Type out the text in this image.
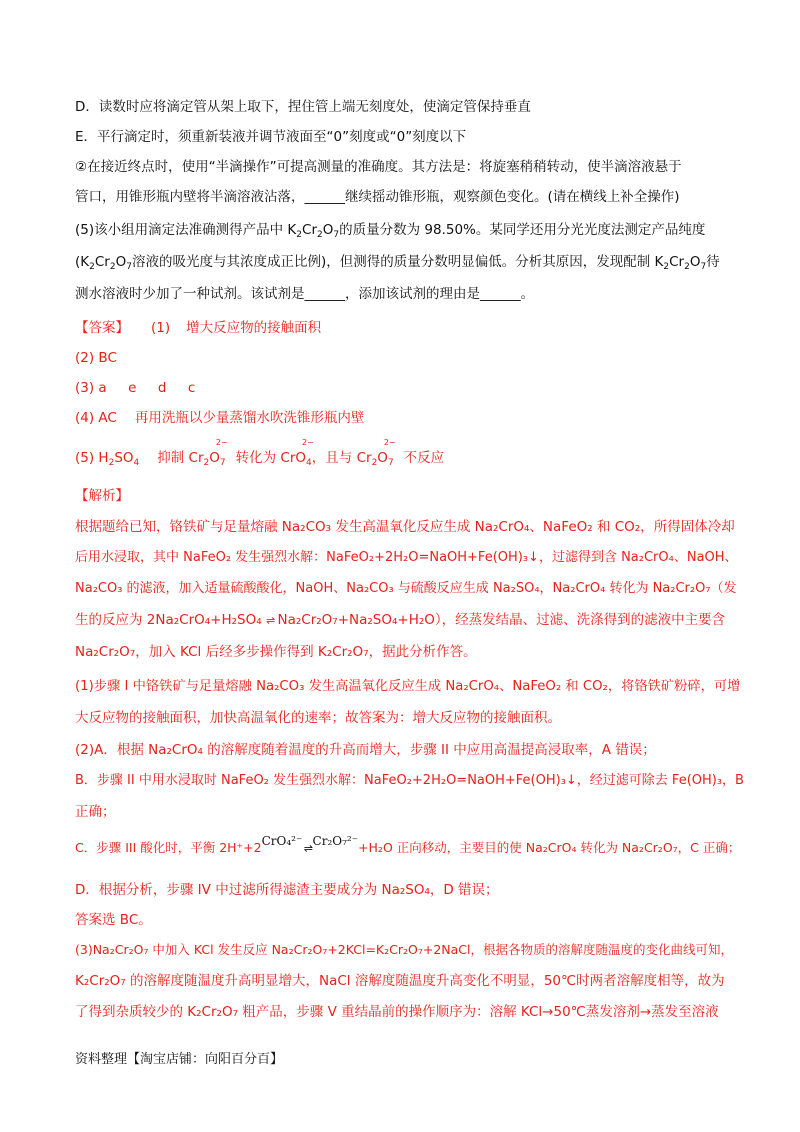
D．读数时应将滴定管从架上取下，捏住管上端无刻度处，使滴定管保持垂直
E．平行滴定时，须重新装液并调节液面至“0”刻度或“0”刻度以下
②在接近终点时，使用“半滴操作”可提高测量的准确度。其方法是：将旋塞稍稍转动，使半滴溶液悬于
管口，用锥形瓶内壁将半滴溶液沾落，______继续摇动锥形瓶，观察颜色变化。(请在横线上补全操作)
(5)该小组用滴定法准确测得产品中 $K_2Cr_2O_7$的质量分数为 98.50%。某同学还用分光光度法测定产品纯度
($K_2Cr_2O_7$溶液的吸光度与其浓度成正比例)，但测得的质量分数明显偏低。分析其原因，发现配制 $K_2Cr_2O_7$待
测水溶液时少加了一种试剂。该试剂是______，添加该试剂的理由是______。
【答案】 (1) 增大反应物的接触面积
(2) BC
(3) a     e     d     c
(4) AC 再用洗瓶以少量蒸馏水吹洗锥形瓶内壁
(5) $H_2SO_4$ 抑制 $Cr_2O_7$
2−
转化为 CrO$_4$
2−
，且与 $Cr_2O_7$
2−
不反应
【解析】
根据题给已知，铬铁矿与足量熔融 Na₂CO₃ 发生高温氧化反应生成 Na₂CrO₄、NaFeO₂ 和 CO₂，所得固体冷却
后用水浸取，其中 NaFeO₂ 发生强烈水解：NaFeO₂+2H₂O=NaOH+Fe(OH)₃↓，过滤得到含 Na₂CrO₄、NaOH、
Na₂CO₃ 的滤液，加入适量硫酸酸化，NaOH、Na₂CO₃ 与硫酸反应生成 Na₂SO₄，Na₂CrO₄ 转化为 Na₂Cr₂O₇（发
生的反应为 2Na₂CrO₄+H₂SO₄ ⇌ Na₂Cr₂O₇+Na₂SO₄+H₂O），经蒸发结晶、过滤、洗涤得到的滤液中主要含
Na₂Cr₂O₇，加入 KCl 后经多步操作得到 K₂Cr₂O₇，据此分析作答。
(1)步骤 I 中铬铁矿与足量熔融 Na₂CO₃ 发生高温氧化反应生成 Na₂CrO₄、NaFeO₂ 和 CO₂，将铬铁矿粉碎，可增
大反应物的接触面积，加快高温氧化的速率；故答案为：增大反应物的接触面积。
(2)A．根据 Na₂CrO₄ 的溶解度随着温度的升高而增大，步骤 II 中应用高温提高浸取率，A 错误；
B．步骤 II 中用水浸取时 NaFeO₂ 发生强烈水解：NaFeO₂+2H₂O=NaOH+Fe(OH)₃↓，经过滤可除去 Fe(OH)₃，B
正确；
C．步骤 III 酸化时，平衡 2H⁺+2CrO₄²⁻ ⇌ Cr₂O₇²⁻+H₂O 正向移动，主要目的使 Na₂CrO₄ 转化为 Na₂Cr₂O₇，C 正确；
D．根据分析，步骤 IV 中过滤所得滤渣主要成分为 Na₂SO₄，D 错误；
答案选 BC。
(3)Na₂Cr₂O₇ 中加入 KCl 发生反应 Na₂Cr₂O₇+2KCl=K₂Cr₂O₇+2NaCl，根据各物质的溶解度随温度的变化曲线可知，
K₂Cr₂O₇ 的溶解度随温度升高明显增大，NaCl 溶解度随温度升高变化不明显，50℃时两者溶解度相等，故为
了得到杂质较少的 K₂Cr₂O₇ 粗产品，步骤 V 重结晶前的操作顺序为：溶解 KCl→50℃蒸发溶剂→蒸发至溶液
资料整理【淘宝店铺：向阳百分百】
